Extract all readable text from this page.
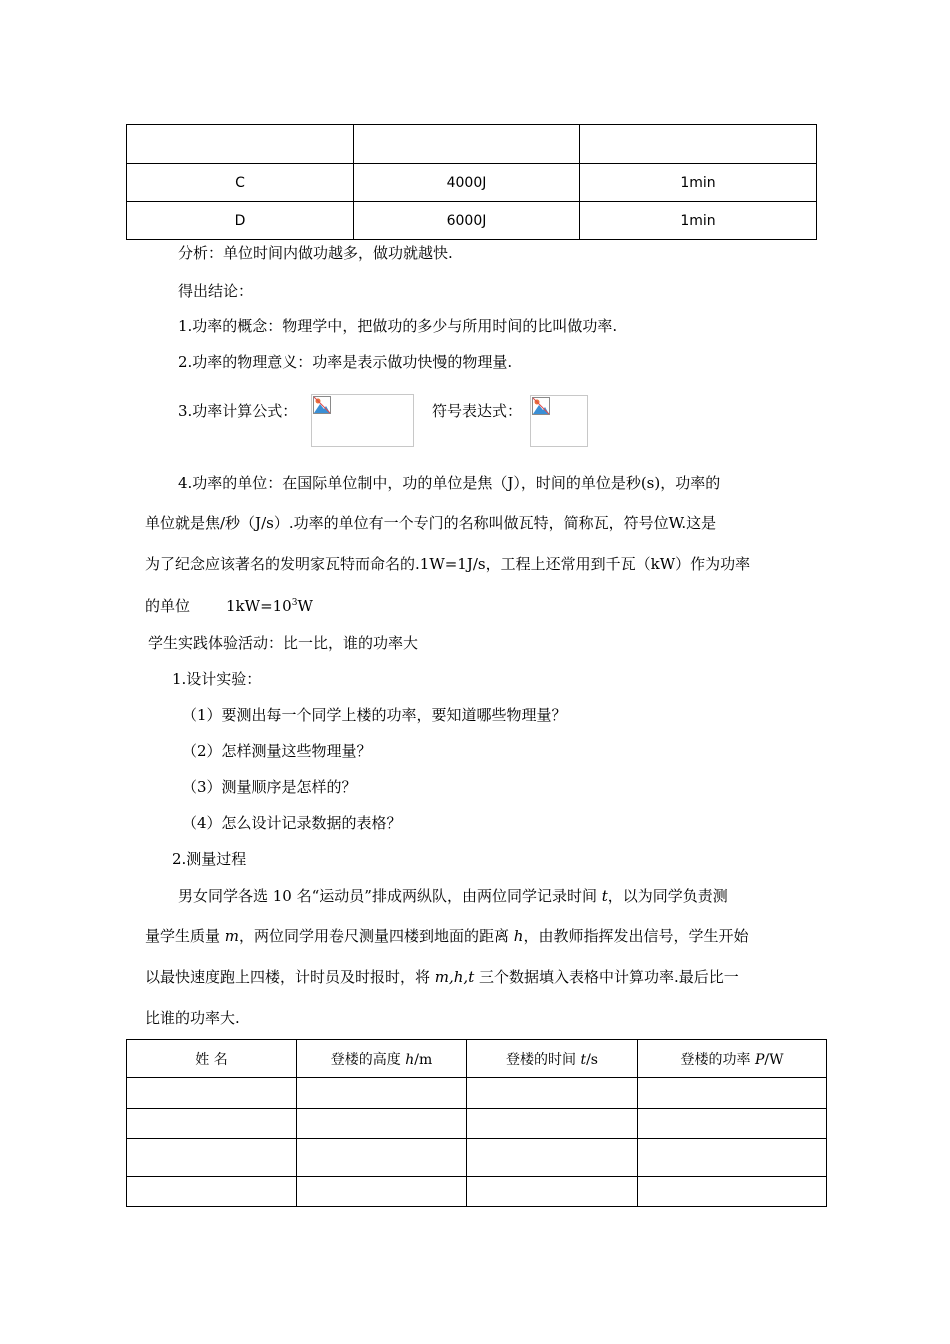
C	4000J	1min
D	6000J	1min
分析：单位时间内做功越多，做功就越快.
得出结论：
1.功率的概念：物理学中，把做功的多少与所用时间的比叫做功率.
2.功率的物理意义：功率是表示做功快慢的物理量.
3.功率计算公式：	符号表达式：
4.功率的单位：在国际单位制中，功的单位是焦（J），时间的单位是秒(s)，功率的
单位就是焦/秒（J/s）.功率的单位有一个专门的名称叫做瓦特，简称瓦，符号位W.这是
为了纪念应该著名的发明家瓦特而命名的.1W=1J/s，工程上还常用到千瓦（kW）作为功率
的单位 $1kW=10^3W$
学生实践体验活动：比一比，谁的功率大
1.设计实验：
（1）要测出每一个同学上楼的功率，要知道哪些物理量？
（2）怎样测量这些物理量？
（3）测量顺序是怎样的？
（4）怎么设计记录数据的表格？
2.测量过程
男女同学各选 10 名“运动员”排成两纵队，由两位同学记录时间 t，以为同学负责测
量学生质量 m，两位同学用卷尺测量四楼到地面的距离 h，由教师指挥发出信号，学生开始
以最快速度跑上四楼，计时员及时报时，将 m,h,t 三个数据填入表格中计算功率.最后比一
比谁的功率大.
姓 名	登楼的高度 h/m	登楼的时间 t/s	登楼的功率 P/W
